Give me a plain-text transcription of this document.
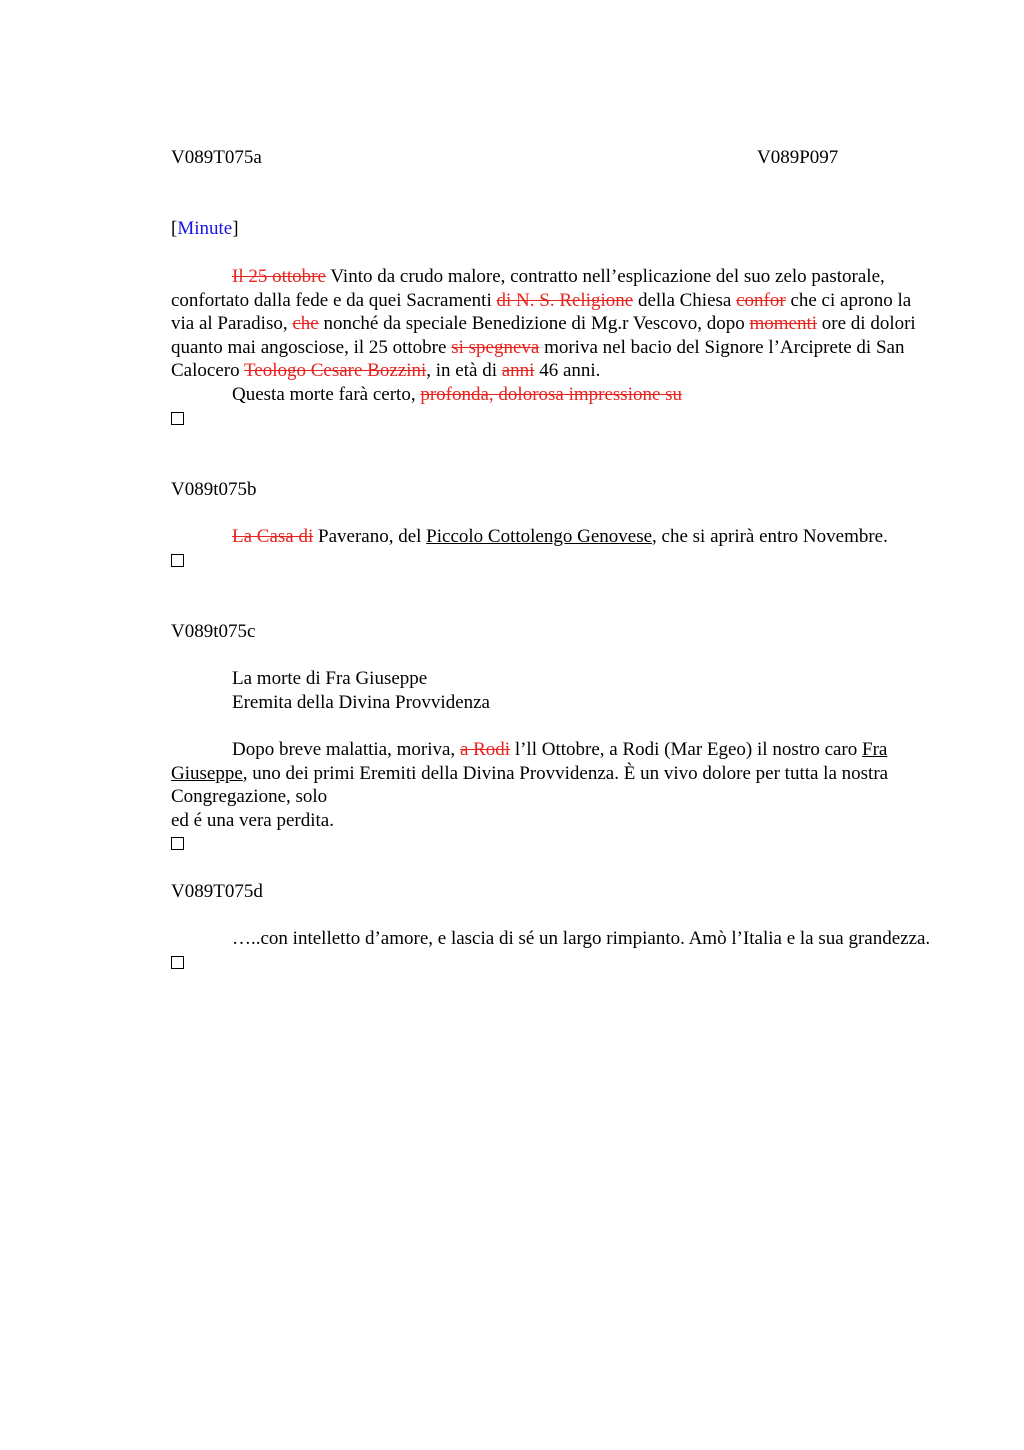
V089T075a	V089P097
[Minute]

Il 25 ottobre Vinto da crudo malore, contratto nell’esplicazione del suo zelo pastorale, confortato dalla fede e da quei Sacramenti di N. S. Religione della Chiesa confor che ci aprono la via al Paradiso, che nonché da speciale Benedizione di Mg.r Vescovo, dopo momenti ore di dolori quanto mai angosciose, il 25 ottobre si spegneva moriva nel bacio del Signore l’Arciprete di San Calocero Teologo Cesare Bozzini, in età di anni 46 anni.

Questa morte farà certo, profonda, dolorosa impressione su

V089t075b

La Casa di Paverano, del Piccolo Cottolengo Genovese, che si aprirà entro Novembre.

V089t075c

La morte di Fra Giuseppe

Eremita della Divina Provvidenza

Dopo breve malattia, moriva, a Rodi l’ll Ottobre, a Rodi (Mar Egeo) il nostro caro Fra Giuseppe, uno dei primi Eremiti della Divina Provvidenza. È un vivo dolore per tutta la nostra Congregazione, solo

ed é una vera perdita.

V089T075d

…..con intelletto d’amore, e lascia di sé un largo rimpianto. Amò l’Italia e la sua grandezza.
